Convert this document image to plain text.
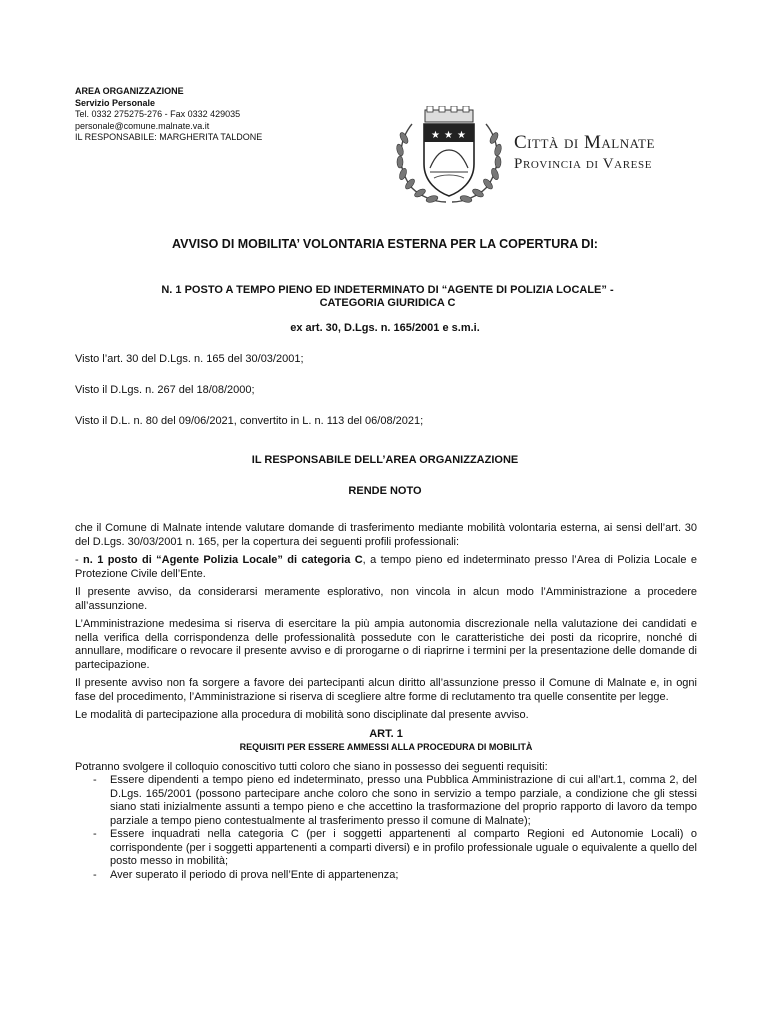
AREA ORGANIZZAZIONE
Servizio Personale
Tel. 0332 275275-276 - Fax 0332 429035
personale@comune.malnate.va.it
IL RESPONSABILE: MARGHERITA TALDONE	★ ★ ★	Città di Malnate
Provincia di Varese
AVVISO DI MOBILITA’ VOLONTARIA ESTERNA PER LA COPERTURA DI:
N. 1 POSTO A TEMPO PIENO ED INDETERMINATO DI “AGENTE DI POLIZIA LOCALE” -
CATEGORIA GIURIDICA C
ex art. 30, D.Lgs. n. 165/2001 e s.m.i.
Visto l’art. 30 del D.Lgs. n. 165 del 30/03/2001;
Visto il D.Lgs. n. 267 del 18/08/2000;
Visto il D.L. n. 80 del 09/06/2021, convertito in L. n. 113 del 06/08/2021;
IL RESPONSABILE DELL’AREA ORGANIZZAZIONE
RENDE NOTO

che il Comune di Malnate intende valutare domande di trasferimento mediante mobilità volontaria esterna, ai sensi dell’art. 30 del D.Lgs. 30/03/2001 n. 165, per la copertura dei seguenti profili professionali:

- n. 1 posto di “Agente Polizia Locale” di categoria C, a tempo pieno ed indeterminato presso l’Area di Polizia Locale e Protezione Civile dell’Ente.

Il presente avviso, da considerarsi meramente esplorativo, non vincola in alcun modo l’Amministrazione a procedere all’assunzione.

L’Amministrazione medesima si riserva di esercitare la più ampia autonomia discrezionale nella valutazione dei candidati e nella verifica della corrispondenza delle professionalità possedute con le caratteristiche dei posti da ricoprire, nonché di annullare, modificare o revocare il presente avviso e di prorogarne o di riaprirne i termini per la presentazione delle domande di partecipazione.

Il presente avviso non fa sorgere a favore dei partecipanti alcun diritto all’assunzione presso il Comune di Malnate e, in ogni fase del procedimento, l’Amministrazione si riserva di scegliere altre forme di reclutamento tra quelle consentite per legge.

Le modalità di partecipazione alla procedura di mobilità sono disciplinate dal presente avviso.

ART. 1
REQUISITI PER ESSERE AMMESSI ALLA PROCEDURA DI MOBILITÀ

Potranno svolgere il colloquio conoscitivo tutti coloro che siano in possesso dei seguenti requisiti:

- Essere dipendenti a tempo pieno ed indeterminato, presso una Pubblica Amministrazione di cui all’art.1, comma 2, del D.Lgs. 165/2001 (possono partecipare anche coloro che sono in servizio a tempo parziale, a condizione che gli stessi siano stati inizialmente assunti a tempo pieno e che accettino la trasformazione del proprio rapporto di lavoro da tempo parziale a tempo pieno contestualmente al trasferimento presso il comune di Malnate);
- Essere inquadrati nella categoria C (per i soggetti appartenenti al comparto Regioni ed Autonomie Locali) o corrispondente (per i soggetti appartenenti a comparti diversi) e in profilo professionale uguale o equivalente a quello del posto messo in mobilità;
- Aver superato il periodo di prova nell’Ente di appartenenza;
